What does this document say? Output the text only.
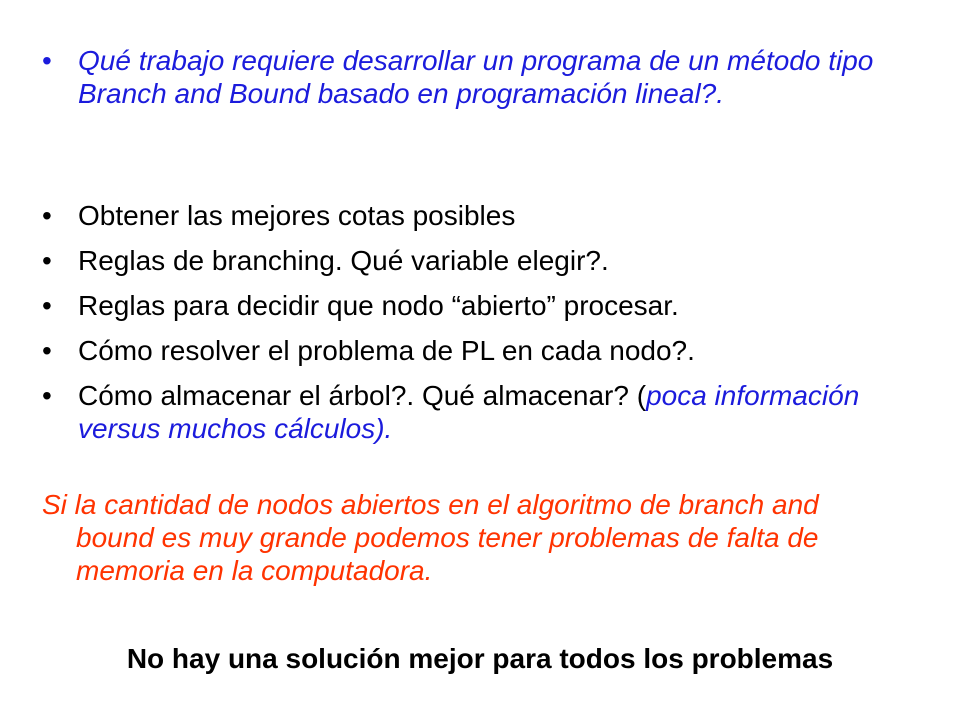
• Qué trabajo requiere desarrollar un programa de un método tipo Branch and Bound basado en programación lineal?.
• Obtener las mejores cotas posibles
• Reglas de branching. Qué variable elegir?.
• Reglas para decidir que nodo “abierto” procesar.
• Cómo resolver el problema de PL en cada nodo?.
• Cómo almacenar el árbol?. Qué almacenar? (poca información versus muchos cálculos).
Si la cantidad de nodos abiertos en el algoritmo de branch and bound es muy grande podemos tener problemas de falta de memoria en la computadora.
No hay una solución mejor para todos los problemas
